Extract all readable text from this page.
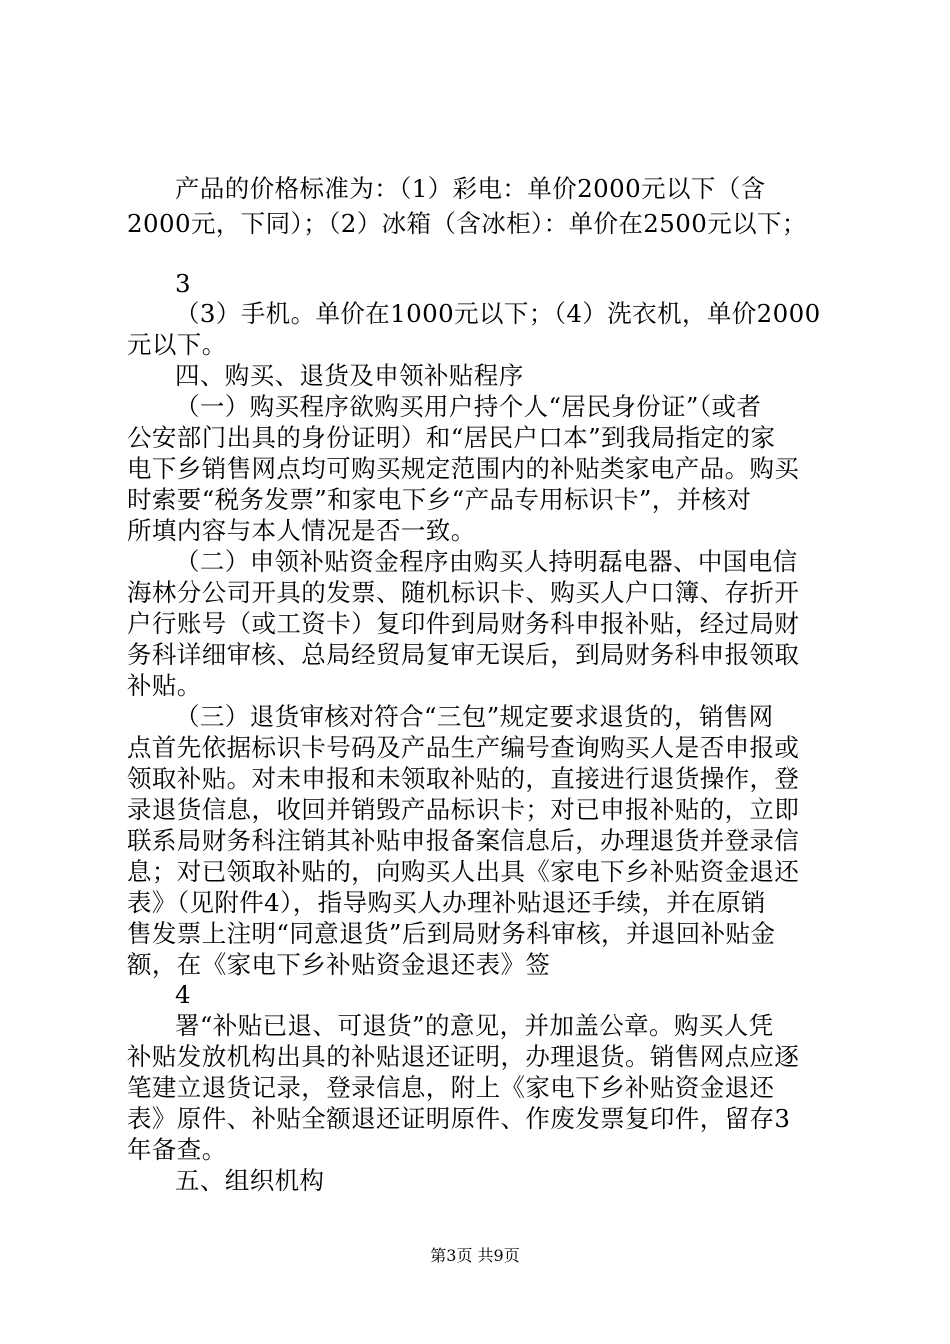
产品的价格标准为：（1）彩电：单价2000元以下（含
2000元，下同）；（2）冰箱（含冰柜）：单价在2500元以下；
3
（3）手机。单价在1000元以下；（4）洗衣机，单价2000
元以下。
四、购买、退货及申领补贴程序
（一）购买程序欲购买用户持个人“居民身份证”（或者
公安部门出具的身份证明）和“居民户口本”到我局指定的家
电下乡销售网点均可购买规定范围内的补贴类家电产品。购买
时索要“税务发票”和家电下乡“产品专用标识卡”，并核对
所填内容与本人情况是否一致。
（二）申领补贴资金程序由购买人持明磊电器、中国电信
海林分公司开具的发票、随机标识卡、购买人户口簿、存折开
户行账号（或工资卡）复印件到局财务科申报补贴，经过局财
务科详细审核、总局经贸局复审无误后，到局财务科申报领取
补贴。
（三）退货审核对符合“三包”规定要求退货的，销售网
点首先依据标识卡号码及产品生产编号查询购买人是否申报或
领取补贴。对未申报和未领取补贴的，直接进行退货操作，登
录退货信息，收回并销毁产品标识卡；对已申报补贴的，立即
联系局财务科注销其补贴申报备案信息后，办理退货并登录信
息；对已领取补贴的，向购买人出具《家电下乡补贴资金退还
表》（见附件4），指导购买人办理补贴退还手续，并在原销
售发票上注明“同意退货”后到局财务科审核，并退回补贴金
额，在《家电下乡补贴资金退还表》签
4
署“补贴已退、可退货”的意见，并加盖公章。购买人凭
补贴发放机构出具的补贴退还证明，办理退货。销售网点应逐
笔建立退货记录，登录信息，附上《家电下乡补贴资金退还
表》原件、补贴全额退还证明原件、作废发票复印件，留存3
年备查。
五、组织机构
第3页 共9页
